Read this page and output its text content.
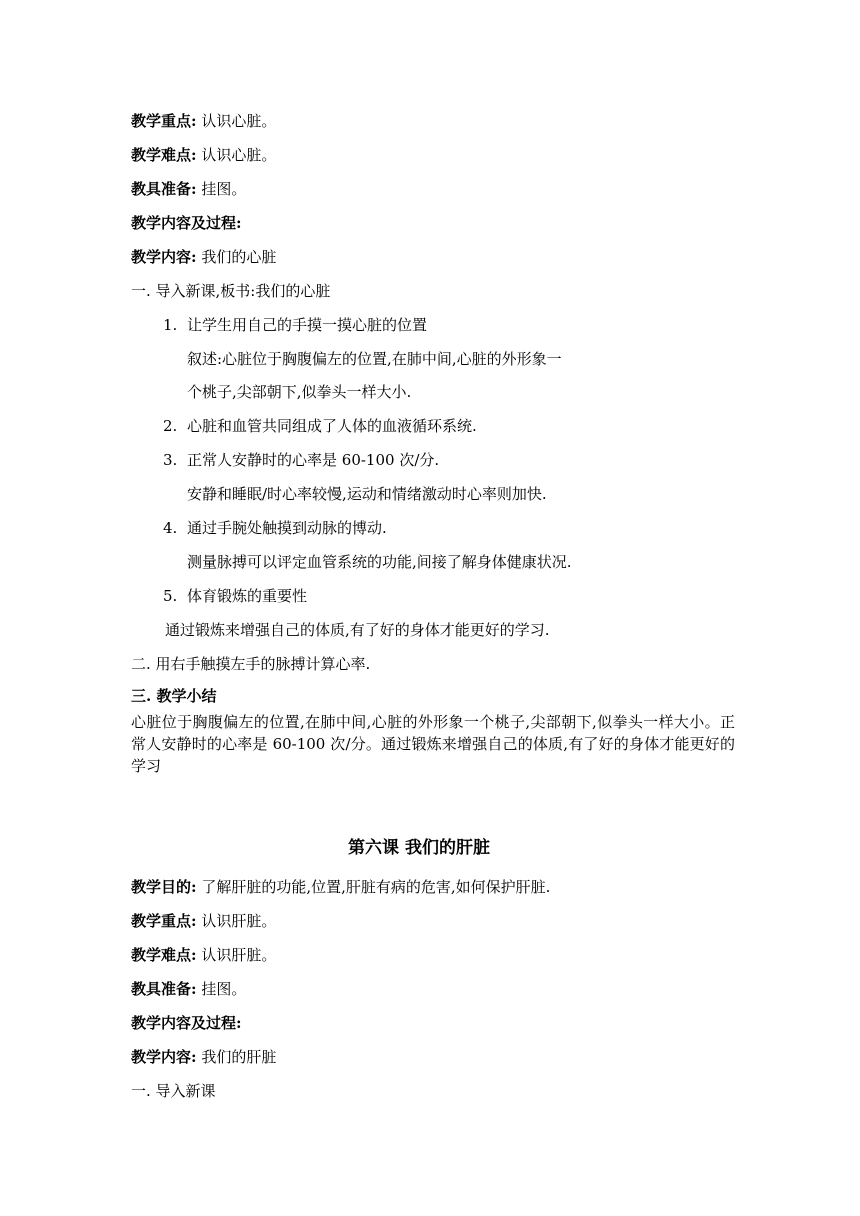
教学重点: 认识心脏。
教学难点: 认识心脏。
教具准备: 挂图。
教学内容及过程:
教学内容: 我们的心脏
一. 导入新课,板书:我们的心脏
1. 让学生用自己的手摸一摸心脏的位置
叙述:心脏位于胸腹偏左的位置,在肺中间,心脏的外形象一
个桃子,尖部朝下,似拳头一样大小.
2. 心脏和血管共同组成了人体的血液循环系统.
3. 正常人安静时的心率是 60-100 次/分.
安静和睡眠/时心率较慢,运动和情绪激动时心率则加快.
4. 通过手腕处触摸到动脉的博动.
测量脉搏可以评定血管系统的功能,间接了解身体健康状况.
5. 体育锻炼的重要性
通过锻炼来增强自己的体质,有了好的身体才能更好的学习.
二. 用右手触摸左手的脉搏计算心率.
三. 教学小结
心脏位于胸腹偏左的位置,在肺中间,心脏的外形象一个桃子,尖部朝下,似拳头一样大小。正常人安静时的心率是 60-100 次/分。通过锻炼来增强自己的体质,有了好的身体才能更好的学习
第六课 我们的肝脏
教学目的: 了解肝脏的功能,位置,肝脏有病的危害,如何保护肝脏.
教学重点: 认识肝脏。
教学难点: 认识肝脏。
教具准备: 挂图。
教学内容及过程:
教学内容: 我们的肝脏
一. 导入新课
